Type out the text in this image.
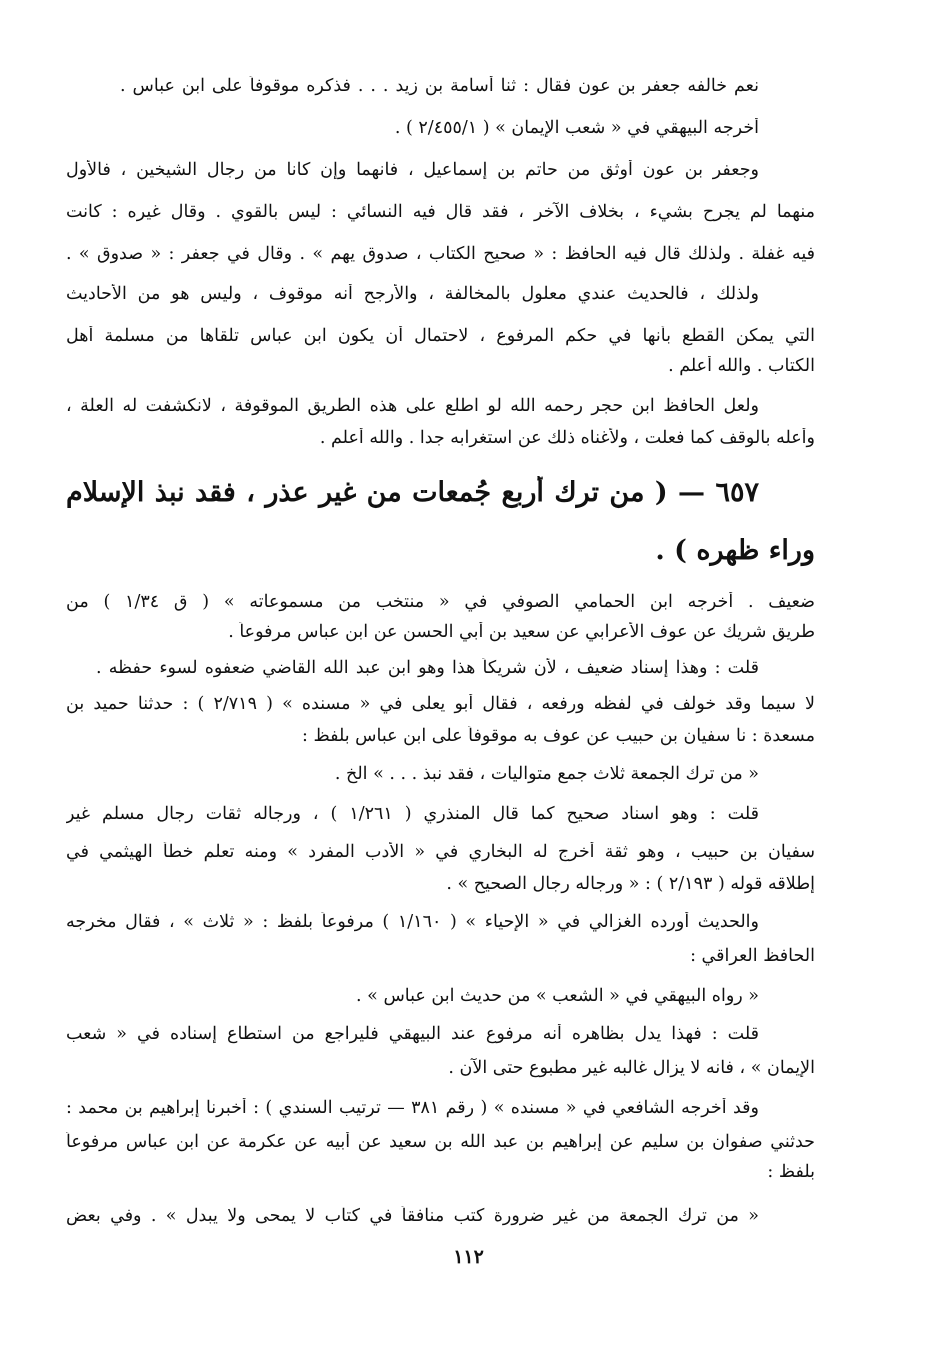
نعم خالفه جعفر بن عون فقال : ثنا أسامة بن زيد . . . فذكره موقوفاً على ابن عباس .
أخرجه البيهقي في « شعب الإيمان » ( ٢/٤٥٥/١ ) .
وجعفر بن عون أوثق من حاتم بن إسماعيل ، فانهما وإن كانا من رجال الشيخين ، فالأول
منهما لم يجرح بشيء ، بخلاف الآخر ، فقد قال فيه النسائي : ليس بالقوي . وقال غيره : كانت
فيه غفلة . ولذلك قال فيه الحافظ : « صحيح الكتاب ، صدوق يهم » . وقال في جعفر : « صدوق » .
ولذلك ، فالحديث عندي معلول بالمخالفة ، والأرجح أنه موقوف ، وليس هو من الأحاديث
التي يمكن القطع بأنها في حكم المرفوع ، لاحتمال أن يكون ابن عباس تلقاها من مسلمة أهل
الكتاب . والله أعلم .
ولعل الحافظ ابن حجر رحمه الله لو اطلع على هذه الطريق الموقوفة ، لانكشفت له العلة ،
وأعله بالوقف كما فعلت ، ولأغناه ذلك عن استغرابه جدا . والله أعلم .
٦٥٧ — ( من ترك أربع جُمعات من غير عذر ، فقد نبذ الإسلام
وراء ظهره ) .
ضعيف . أخرجه ابن الحمامي الصوفي في « منتخب من مسموعاته » ( ق ١/٣٤ ) من
طريق شريك عن عوف الأعرابي عن سعيد بن أبي الحسن عن ابن عباس مرفوعاً .
قلت : وهذا إسناد ضعيف ، لأن شريكاً هذا وهو ابن عبد الله القاضي ضعفوه لسوء حفظه .
لا سيما وقد خولف في لفظه ورفعه ، فقال أبو يعلى في « مسنده » ( ٢/٧١٩ ) : حدثنا حميد بن
مسعدة : نا سفيان بن حبيب عن عوف به موقوفاً على ابن عباس بلفظ :
« من ترك الجمعة ثلاث جمع متواليات ، فقد نبذ . . . » الخ .
قلت : وهو اسناد صحيح كما قال المنذري ( ١/٢٦١ ) ، ورجاله ثقات رجال مسلم غير
سفيان بن حبيب ، وهو ثقة أخرج له البخاري في « الأدب المفرد » ومنه تعلم خطأ الهيثمي في
إطلاقه قوله ( ٢/١٩٣ ) : « ورجاله رجال الصحيح » .
والحديث أورده الغزالي في « الإحياء » ( ١/١٦٠ ) مرفوعاً بلفظ : « ثلاث » ، فقال مخرجه
الحافظ العراقي :
« رواه البيهقي في « الشعب » من حديث ابن عباس » .
قلت : فهذا يدل بظاهره أنه مرفوع عند البيهقي فليراجع من استطاع إسناده في « شعب
الإيمان » ، فانه لا يزال غالبه غير مطبوع حتى الآن .
وقد أخرجه الشافعي في « مسنده » ( رقم ٣٨١ — ترتيب السندي ) : أخبرنا إبراهيم بن محمد :
حدثني صفوان بن سليم عن إبراهيم بن عبد الله بن سعيد عن أبيه عن عكرمة عن ابن عباس مرفوعاً
بلفظ :
« من ترك الجمعة من غير ضرورة كتب منافقاً في كتاب لا يمحى ولا يبدل » . وفي بعض
١١٢
